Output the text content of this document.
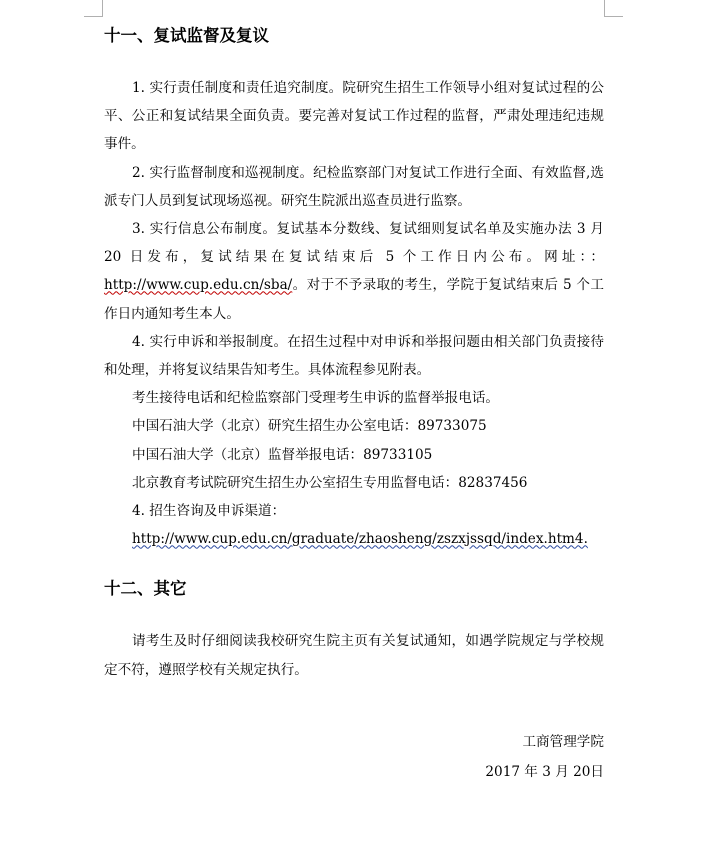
十一、复试监督及复议

1. 实行责任制度和责任追究制度。院研究生招生工作领导小组对复试过程的公平、公正和复试结果全面负责。要完善对复试工作过程的监督，严肃处理违纪违规事件。

2. 实行监督制度和巡视制度。纪检监察部门对复试工作进行全面、有效监督,选派专门人员到复试现场巡视。研究生院派出巡查员进行监察。

3. 实行信息公布制度。复试基本分数线、复试细则复试名单及实施办法 3 月 20 日发布，复试结果在复试结束后 5 个工作日内公布。网址：：http://www.cup.edu.cn/sba/。对于不予录取的考生，学院于复试结束后 5 个工作日内通知考生本人。

4. 实行申诉和举报制度。在招生过程中对申诉和举报问题由相关部门负责接待和处理，并将复议结果告知考生。具体流程参见附表。

考生接待电话和纪检监察部门受理考生申诉的监督举报电话。

中国石油大学（北京）研究生招生办公室电话：89733075

中国石油大学（北京）监督举报电话：89733105

北京教育考试院研究生招生办公室招生专用监督电话：82837456

4. 招生咨询及申诉渠道：

http://www.cup.edu.cn/graduate/zhaosheng/zszxjssqd/index.htm4.

十二、其它

请考生及时仔细阅读我校研究生院主页有关复试通知，如遇学院规定与学校规定不符，遵照学校有关规定执行。

工商管理学院

2017 年 3 月 20日
